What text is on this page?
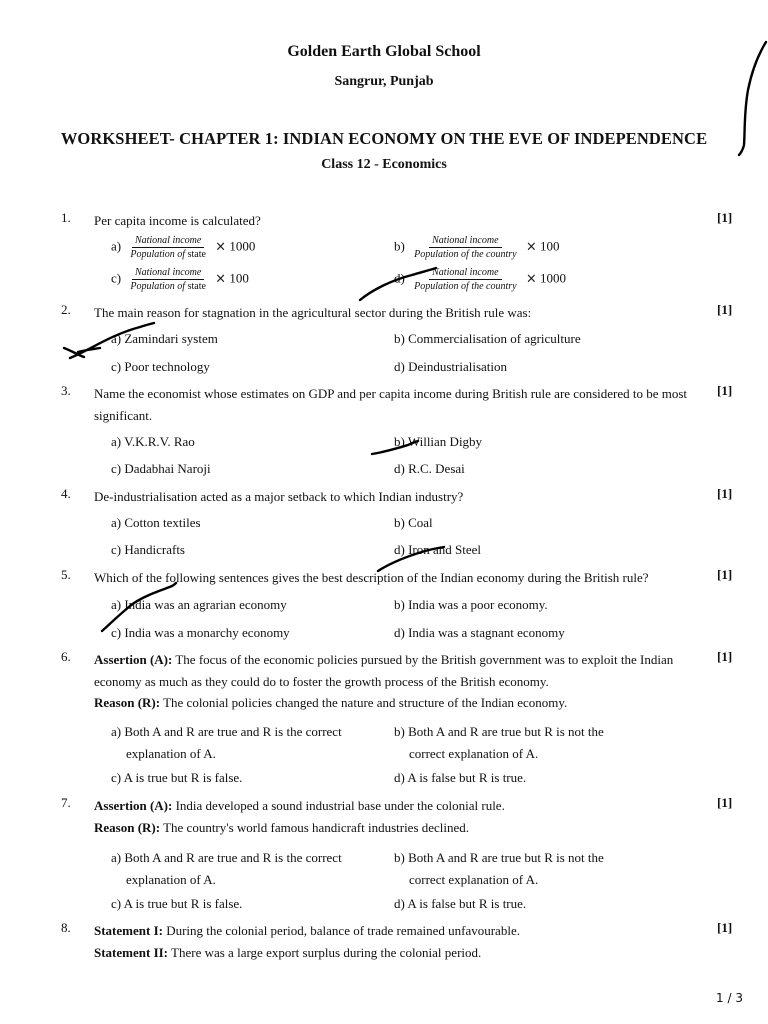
Golden Earth Global School
Sangrur, Punjab
WORKSHEET- CHAPTER 1: INDIAN ECONOMY ON THE EVE OF INDEPENDENCE
Class 12 - Economics
1. Per capita income is calculated?	[1]
$a) \frac{\text{National income}}{\text{Population of state}} \times 1000$	$b) \frac{\text{National income}}{\text{Population of the country}} \times 100$
$c) \frac{\text{National income}}{\text{Population of state}} \times 100$	$d) \frac{\text{National income}}{\text{Population of the country}} \times 1000$
2. The main reason for stagnation in the agricultural sector during the British rule was:	[1]
a) Zamindari system	b) Commercialisation of agriculture
c) Poor technology	d) Deindustrialisation
3. Name the economist whose estimates on GDP and per capita income during British rule are considered to be most significant.
[1]
a) V.K.R.V. Rao	b) Willian Digby
c) Dadabhai Naroji	d) R.C. Desai
4. De-industrialisation acted as a major setback to which Indian industry?	[1]
a) Cotton textiles	b) Coal
c) Handicrafts	d) Iron and Steel
5. Which of the following sentences gives the best description of the Indian economy during the British rule?	[1]
a) India was an agrarian economy	b) India was a poor economy.
c) India was a monarchy economy	d) India was a stagnant economy
6. Assertion (A): The focus of the economic policies pursued by the British government was to exploit the Indian economy as much as they could do to foster the growth process of the British economy.
Reason (R): The colonial policies changed the nature and structure of the Indian economy.
[1]
a) Both A and R are true and R is the correct
explanation of A.
b) Both A and R are true but R is not the
correct explanation of A.
c) A is true but R is false.	d) A is false but R is true.
7. Assertion (A): India developed a sound industrial base under the colonial rule.
Reason (R): The country's world famous handicraft industries declined.
[1]
a) Both A and R are true and R is the correct
explanation of A.
b) Both A and R are true but R is not the
correct explanation of A.
c) A is true but R is false.	d) A is false but R is true.
8. Statement I: During the colonial period, balance of trade remained unfavourable.
Statement II: There was a large export surplus during the colonial period.
[1]
1 / 3
